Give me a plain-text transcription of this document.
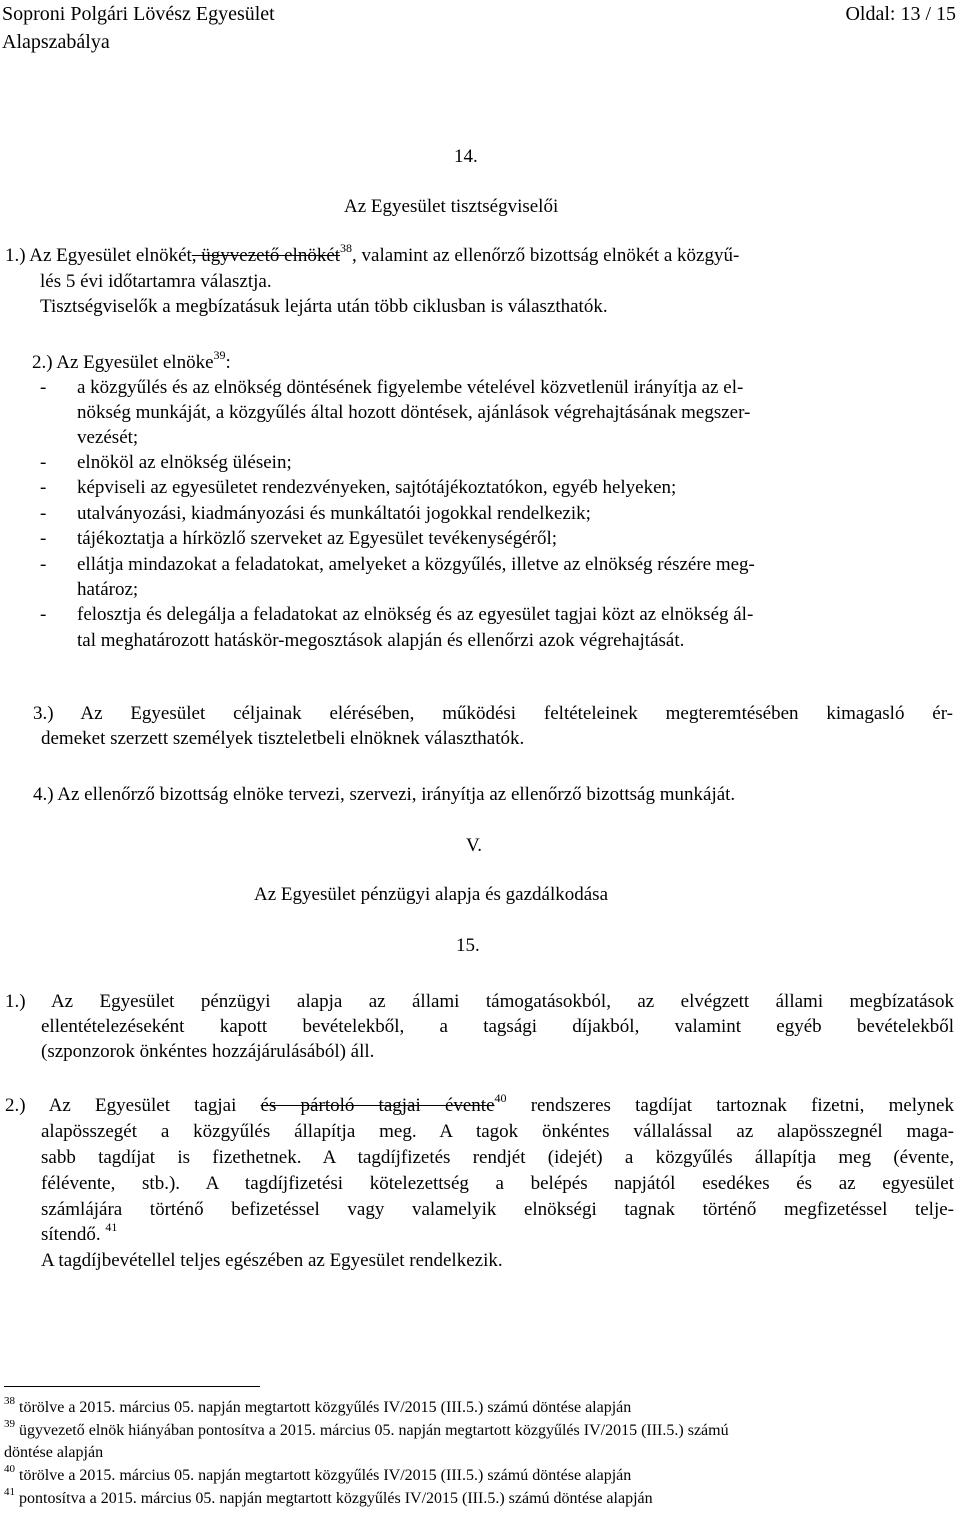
Soproni Polgári Lövész Egyesület	Oldal: 13 / 15
Alapszabálya
14.
Az Egyesület tisztségviselői
1.) Az Egyesület elnökét, ügyvezető elnökét$^{38}$, valamint az ellenőrző bizottság elnökét a közgyű-
lés 5 évi időtartamra választja.
Tisztségviselők a megbízatásuk lejárta után több ciklusban is választhatók.
2.) Az Egyesület elnöke$^{39}$:
- a közgyűlés és az elnökség döntésének figyelembe vételével közvetlenül irányítja az el-
nökség munkáját, a közgyűlés által hozott döntések, ajánlások végrehajtásának megszer-
vezését;
- elnököl az elnökség ülésein;
- képviseli az egyesületet rendezvényeken, sajtótájékoztatókon, egyéb helyeken;
- utalványozási, kiadmányozási és munkáltatói jogokkal rendelkezik;
- tájékoztatja a hírközlő szerveket az Egyesület tevékenységéről;
- ellátja mindazokat a feladatokat, amelyeket a közgyűlés, illetve az elnökség részére meg-
határoz;
- felosztja és delegálja a feladatokat az elnökség és az egyesület tagjai közt az elnökség ál-
tal meghatározott hatáskör-megosztások alapján és ellenőrzi azok végrehajtását.
3.) Az Egyesület céljainak elérésében, működési feltételeinek megteremtésében kimagasló ér-
demeket szerzett személyek tiszteletbeli elnöknek választhatók.
4.) Az ellenőrző bizottság elnöke tervezi, szervezi, irányítja az ellenőrző bizottság munkáját.
V.
Az Egyesület pénzügyi alapja és gazdálkodása
15.
1.) Az Egyesület pénzügyi alapja az állami támogatásokból, az elvégzett állami megbízatások
ellentételezéseként kapott bevételekből, a tagsági díjakból, valamint egyéb bevételekből
(szponzorok önkéntes hozzájárulásából) áll.
2.) Az Egyesület tagjai és pártoló tagjai évente$^{40}$ rendszeres tagdíjat tartoznak fizetni, melynek
alapösszegét a közgyűlés állapítja meg. A tagok önkéntes vállalással az alapösszegnél maga-
sabb tagdíjat is fizethetnek. A tagdíjfizetés rendjét (idejét) a közgyűlés állapítja meg (évente,
félévente, stb.). A tagdíjfizetési kötelezettség a belépés napjától esedékes és az egyesület
számlájára történő befizetéssel vagy valamelyik elnökségi tagnak történő megfizetéssel telje-
sítendő. $^{41}$
A tagdíjbevétellel teljes egészében az Egyesület rendelkezik.
$^{38}$ törölve a 2015. március 05. napján megtartott közgyűlés IV/2015 (III.5.) számú döntése alapján
$^{39}$ ügyvezető elnök hiányában pontosítva a 2015. március 05. napján megtartott közgyűlés IV/2015 (III.5.) számú
döntése alapján
$^{40}$ törölve a 2015. március 05. napján megtartott közgyűlés IV/2015 (III.5.) számú döntése alapján
$^{41}$ pontosítva a 2015. március 05. napján megtartott közgyűlés IV/2015 (III.5.) számú döntése alapján
